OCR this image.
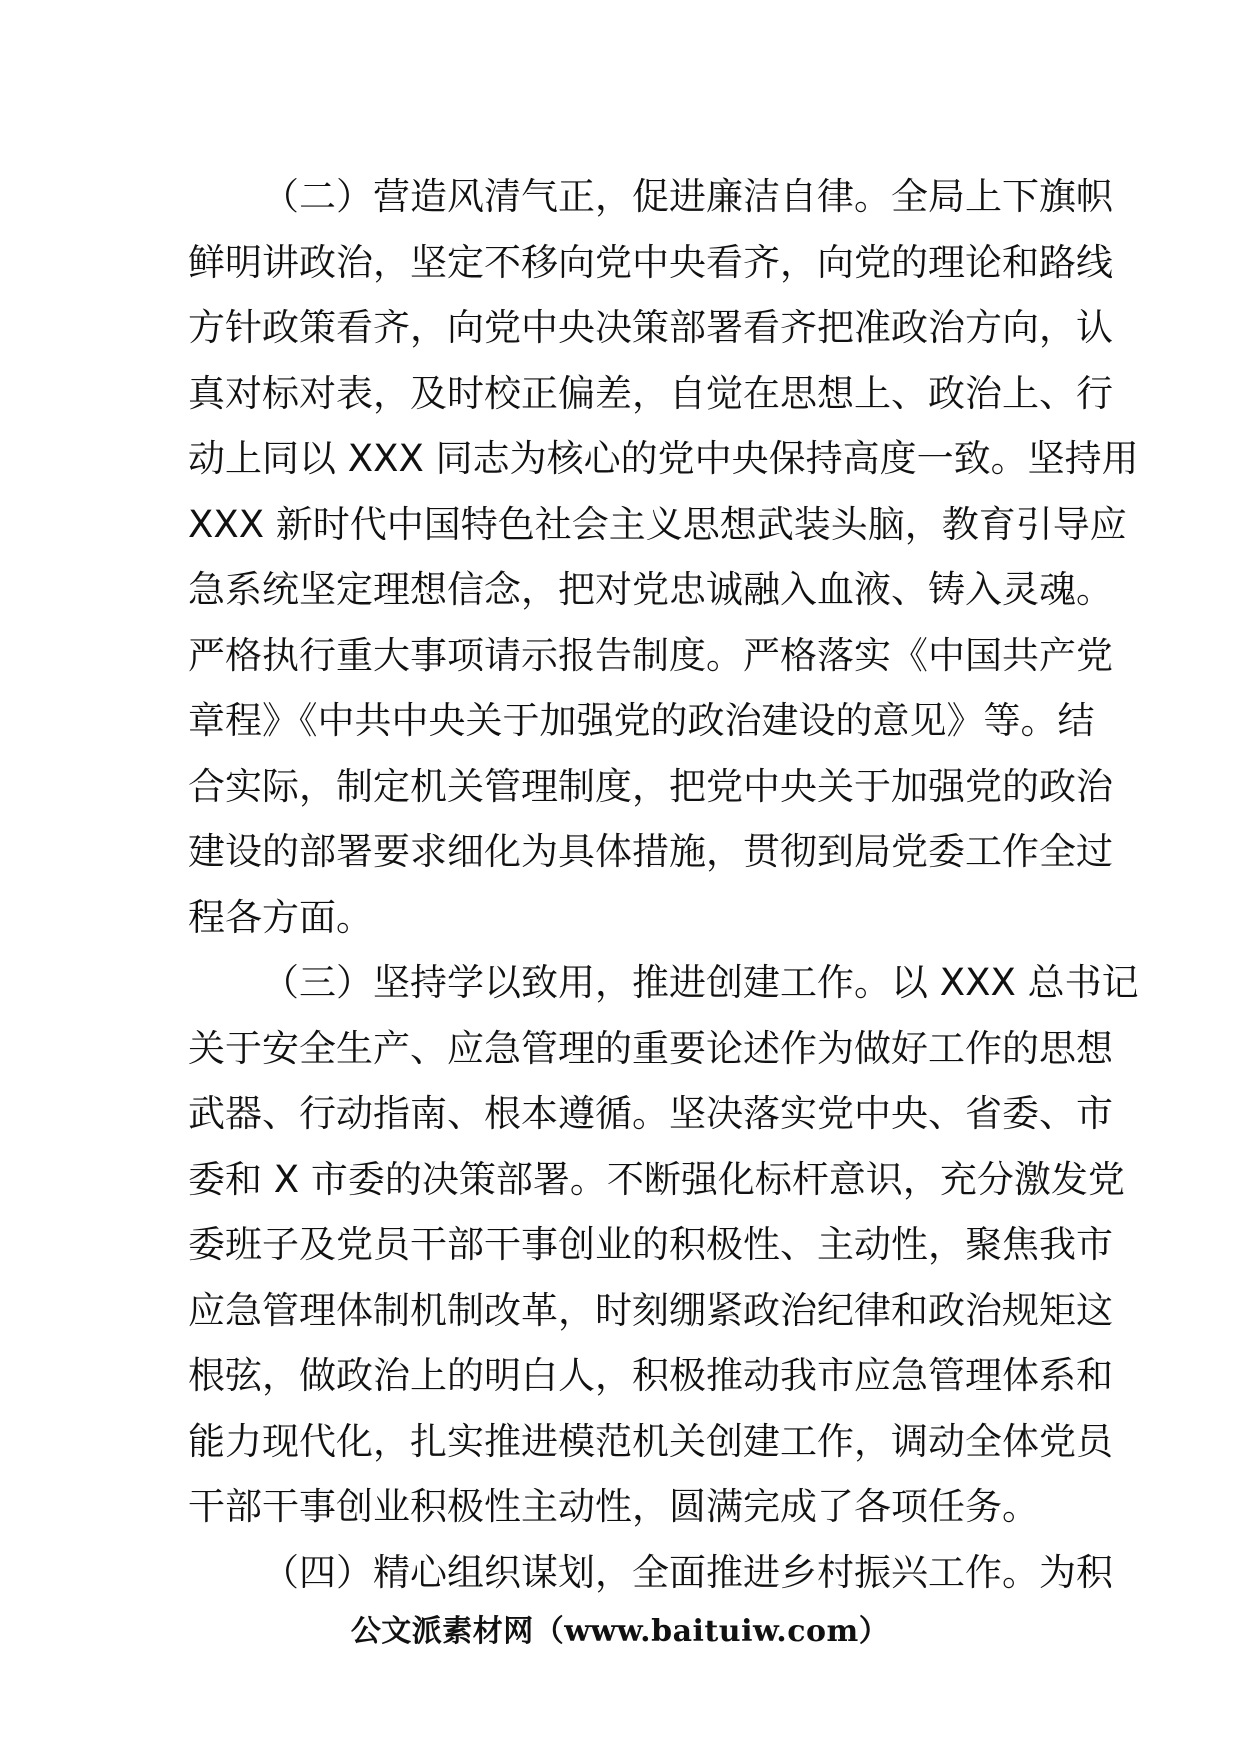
（二）营造风清气正，促进廉洁自律。全局上下旗帜
鲜明讲政治，坚定不移向党中央看齐，向党的理论和路线
方针政策看齐，向党中央决策部署看齐把准政治方向，认
真对标对表，及时校正偏差，自觉在思想上、政治上、行
动上同以 XXX 同志为核心的党中央保持高度一致。坚持用
XXX 新时代中国特色社会主义思想武装头脑，教育引导应
急系统坚定理想信念，把对党忠诚融入血液、铸入灵魂。
严格执行重大事项请示报告制度。严格落实《中国共产党
章程》《中共中央关于加强党的政治建设的意见》等。结
合实际，制定机关管理制度，把党中央关于加强党的政治
建设的部署要求细化为具体措施，贯彻到局党委工作全过
程各方面。
（三）坚持学以致用，推进创建工作。以 XXX 总书记
关于安全生产、应急管理的重要论述作为做好工作的思想
武器、行动指南、根本遵循。坚决落实党中央、省委、市
委和 X 市委的决策部署。不断强化标杆意识，充分激发党
委班子及党员干部干事创业的积极性、主动性，聚焦我市
应急管理体制机制改革，时刻绷紧政治纪律和政治规矩这
根弦，做政治上的明白人，积极推动我市应急管理体系和
能力现代化，扎实推进模范机关创建工作，调动全体党员
干部干事创业积极性主动性，圆满完成了各项任务。
（四）精心组织谋划，全面推进乡村振兴工作。为积
公文派素材网（www.baituiw.com）
